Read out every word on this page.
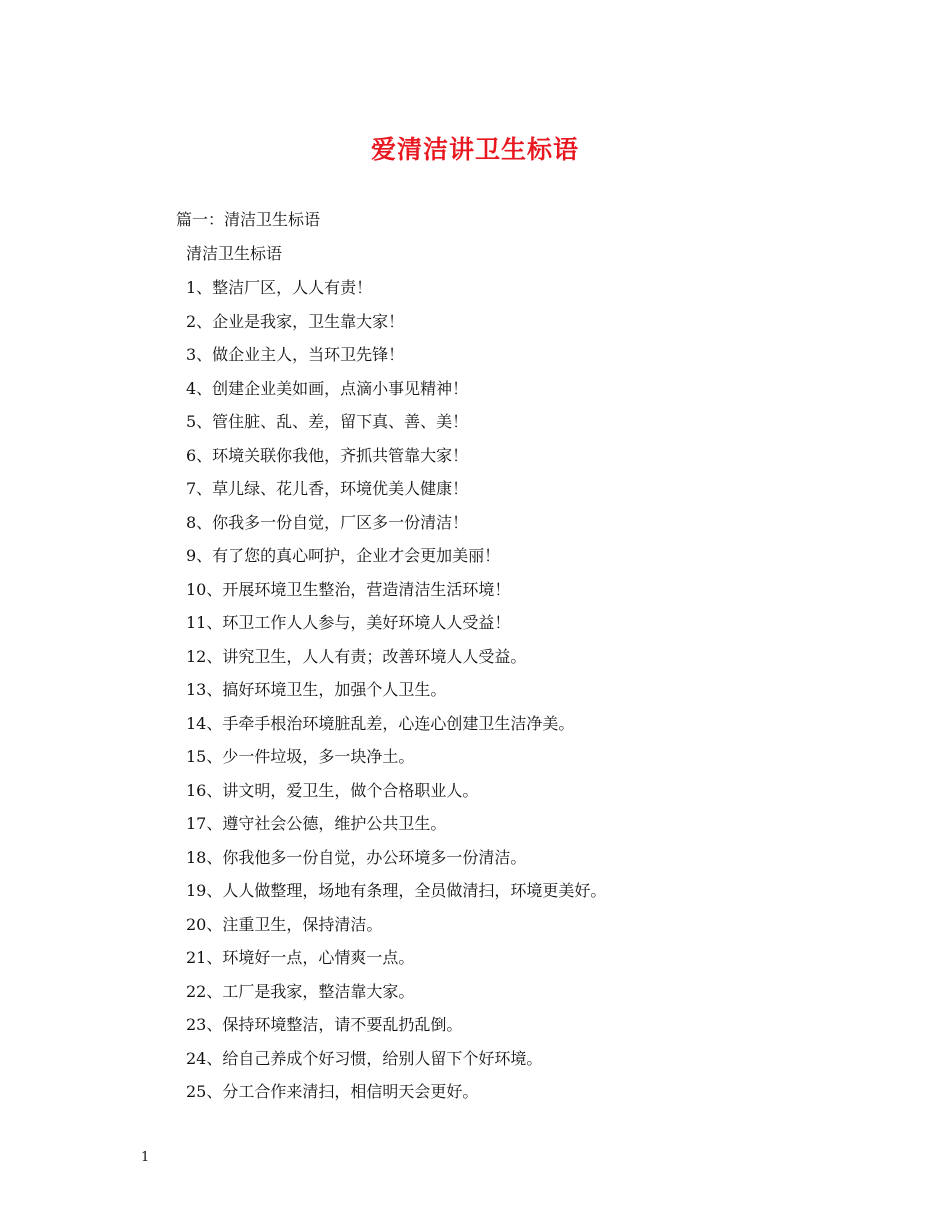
爱清洁讲卫生标语
篇一：清洁卫生标语
清洁卫生标语
1、整洁厂区，人人有责！
2、企业是我家，卫生靠大家！
3、做企业主人，当环卫先锋！
4、创建企业美如画，点滴小事见精神！
5、管住脏、乱、差，留下真、善、美！
6、环境关联你我他，齐抓共管靠大家！
7、草儿绿、花儿香，环境优美人健康！
8、你我多一份自觉，厂区多一份清洁！
9、有了您的真心呵护，企业才会更加美丽！
10、开展环境卫生整治，营造清洁生活环境！
11、环卫工作人人参与，美好环境人人受益！
12、讲究卫生，人人有责；改善环境人人受益。
13、搞好环境卫生，加强个人卫生。
14、手牵手根治环境脏乱差，心连心创建卫生洁净美。
15、少一件垃圾，多一块净土。
16、讲文明，爱卫生，做个合格职业人。
17、遵守社会公德，维护公共卫生。
18、你我他多一份自觉，办公环境多一份清洁。
19、人人做整理，场地有条理，全员做清扫，环境更美好。
20、注重卫生，保持清洁。
21、环境好一点，心情爽一点。
22、工厂是我家，整洁靠大家。
23、保持环境整洁，请不要乱扔乱倒。
24、给自己养成个好习惯，给别人留下个好环境。
25、分工合作来清扫，相信明天会更好。
1
